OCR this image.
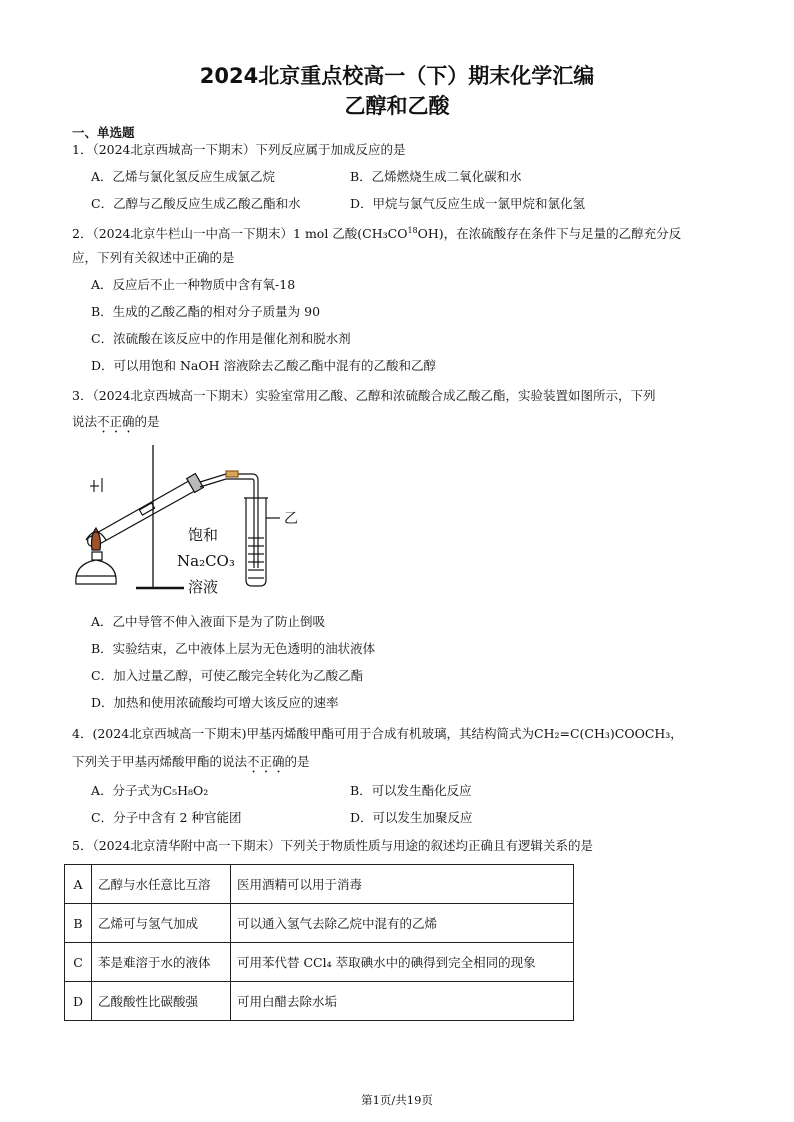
2024北京重点校高一（下）期末化学汇编
乙醇和乙酸
一、单选题
1．（2024北京西城高一下期末）下列反应属于加成反应的是
A．乙烯与氯化氢反应生成氯乙烷	B．乙烯燃烧生成二氧化碳和水
C．乙醇与乙酸反应生成乙酸乙酯和水	D．甲烷与氯气反应生成一氯甲烷和氯化氢
2．（2024北京牛栏山一中高一下期末）1 mol 乙酸(CH₃CO$^{18}$OH)，在浓硫酸存在条件下与足量的乙醇充分反
应，下列有关叙述中正确的是
A．反应后不止一种物质中含有氧-18
B．生成的乙酸乙酯的相对分子质量为 90
C．浓硫酸在该反应中的作用是催化剂和脱水剂
D．可以用饱和 NaOH 溶液除去乙酸乙酯中混有的乙酸和乙醇
3．（2024北京西城高一下期末）实验室常用乙酸、乙醇和浓硫酸合成乙酸乙酯，实验装置如图所示，下列
说法不正确的是
饱和
Na₂CO₃
溶液
乙
A．乙中导管不伸入液面下是为了防止倒吸
B．实验结束，乙中液体上层为无色透明的油状液体
C．加入过量乙醇，可使乙酸完全转化为乙酸乙酯
D．加热和使用浓硫酸均可增大该反应的速率
4．(2024北京西城高一下期末)甲基丙烯酸甲酯可用于合成有机玻璃，其结构简式为CH₂=C(CH₃)COOCH₃，
下列关于甲基丙烯酸甲酯的说法不正确的是
A．分子式为C₅H₈O₂	B．可以发生酯化反应
C．分子中含有 2 种官能团	D．可以发生加聚反应
5．（2024北京清华附中高一下期末）下列关于物质性质与用途的叙述均正确且有逻辑关系的是
A	乙醇与水任意比互溶	医用酒精可以用于消毒
B	乙烯可与氢气加成	可以通入氢气去除乙烷中混有的乙烯
C	苯是难溶于水的液体	可用苯代替 CCl₄ 萃取碘水中的碘得到完全相同的现象
D	乙酸酸性比碳酸强	可用白醋去除水垢
第1页/共19页
